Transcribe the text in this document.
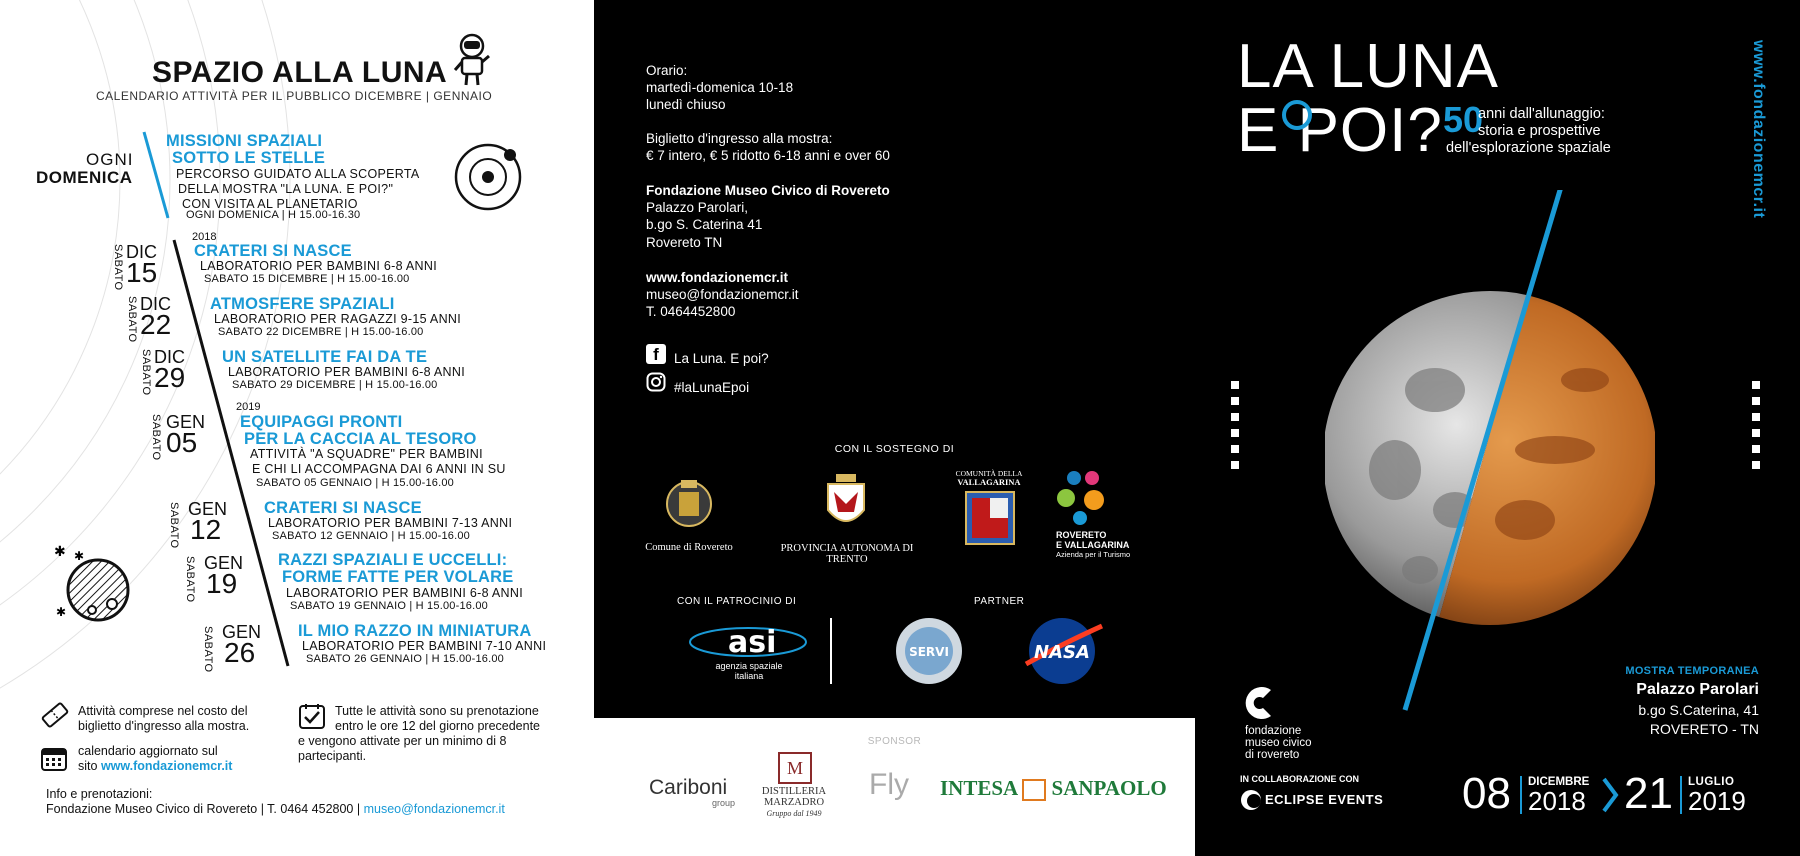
SPAZIO ALLA LUNA
CALENDARIO ATTIVITÀ PER IL PUBBLICO DICEMBRE | GENNAIO
OGNI
DOMENICA
MISSIONI SPAZIALI
SOTTO LE STELLE
PERCORSO GUIDATO ALLA SCOPERTA
DELLA MOSTRA "LA LUNA. E POI?"
CON VISITA AL PLANETARIO
OGNI DOMENICA | H 15.00-16.30
2018
2019
SABATO DIC
15
CRATERI SI NASCE
LABORATORIO PER BAMBINI 6-8 ANNI
SABATO 15 DICEMBRE | H 15.00-16.00
SABATO DIC
22
ATMOSFERE SPAZIALI
LABORATORIO PER RAGAZZI 9-15 ANNI
SABATO 22 DICEMBRE | H 15.00-16.00
SABATO DIC
29
UN SATELLITE FAI DA TE
LABORATORIO PER BAMBINI 6-8 ANNI
SABATO 29 DICEMBRE | H 15.00-16.00
SABATO GEN
05
EQUIPAGGI PRONTI
PER LA CACCIA AL TESORO
ATTIVITÀ "A SQUADRE" PER BAMBINI
E CHI LI ACCOMPAGNA DAI 6 ANNI IN SU
SABATO 05 GENNAIO | H 15.00-16.00
SABATO GEN
12
CRATERI SI NASCE
LABORATORIO PER BAMBINI 7-13 ANNI
SABATO 12 GENNAIO | H 15.00-16.00
SABATO GEN
19
RAZZI SPAZIALI E UCCELLI:
FORME FATTE PER VOLARE
LABORATORIO PER BAMBINI 6-8 ANNI
SABATO 19 GENNAIO | H 15.00-16.00
SABATO GEN
26
IL MIO RAZZO IN MINIATURA
LABORATORIO PER BAMBINI 7-10 ANNI
SABATO 26 GENNAIO | H 15.00-16.00
✱ ✱
✱
Attività comprese nel costo del
biglietto d'ingresso alla mostra.
calendario aggiornato sul
sito www.fondazionemcr.it
Tutte le attività sono su prenotazione
entro le ore 12 del giorno precedente
e vengono attivate per un minimo di 8
partecipanti.
Info e prenotazioni:
Fondazione Museo Civico di Rovereto | T. 0464 452800 | museo@fondazionemcr.it
Orario:
martedì-domenica 10-18
lunedì chiuso
Biglietto d'ingresso alla mostra:
€ 7 intero, € 5 ridotto 6-18 anni e over 60
Fondazione Museo Civico di Rovereto
Palazzo Parolari,
b.go S. Caterina 41
Rovereto TN
www.fondazionemcr.it
museo@fondazionemcr.it
T. 0464452800
f	La Luna. E poi?
#laLunaEpoi
CON IL SOSTEGNO DI
Comune di Rovereto	PROVINCIA AUTONOMA DI TRENTO
COMUNITÀ DELLA
VALLAGARINA
ROVERETO
E VALLAGARINA
Azienda per il Turismo
CON IL PATROCINIO DI	PARTNER
asi
agenzia spaziale
italiana
SERVI	NASA
SPONSOR
Cariboni
group
M
DISTILLERIA
MARZADRO
Gruppo dal 1949
Fly INTESA SANPAOLO
LA LUNA
E POI? 50
anni dall'allunaggio:
storia e prospettive
dell'esplorazione spaziale	www.fondazionemcr.it
MOSTRA TEMPORANEA
Palazzo Parolari
b.go S.Caterina, 41
ROVERETO - TN
fondazione
museo civico
di rovereto
IN COLLABORAZIONE CON
ECLIPSE EVENTS 08 DICEMBRE
2018 21 LUGLIO
2019
